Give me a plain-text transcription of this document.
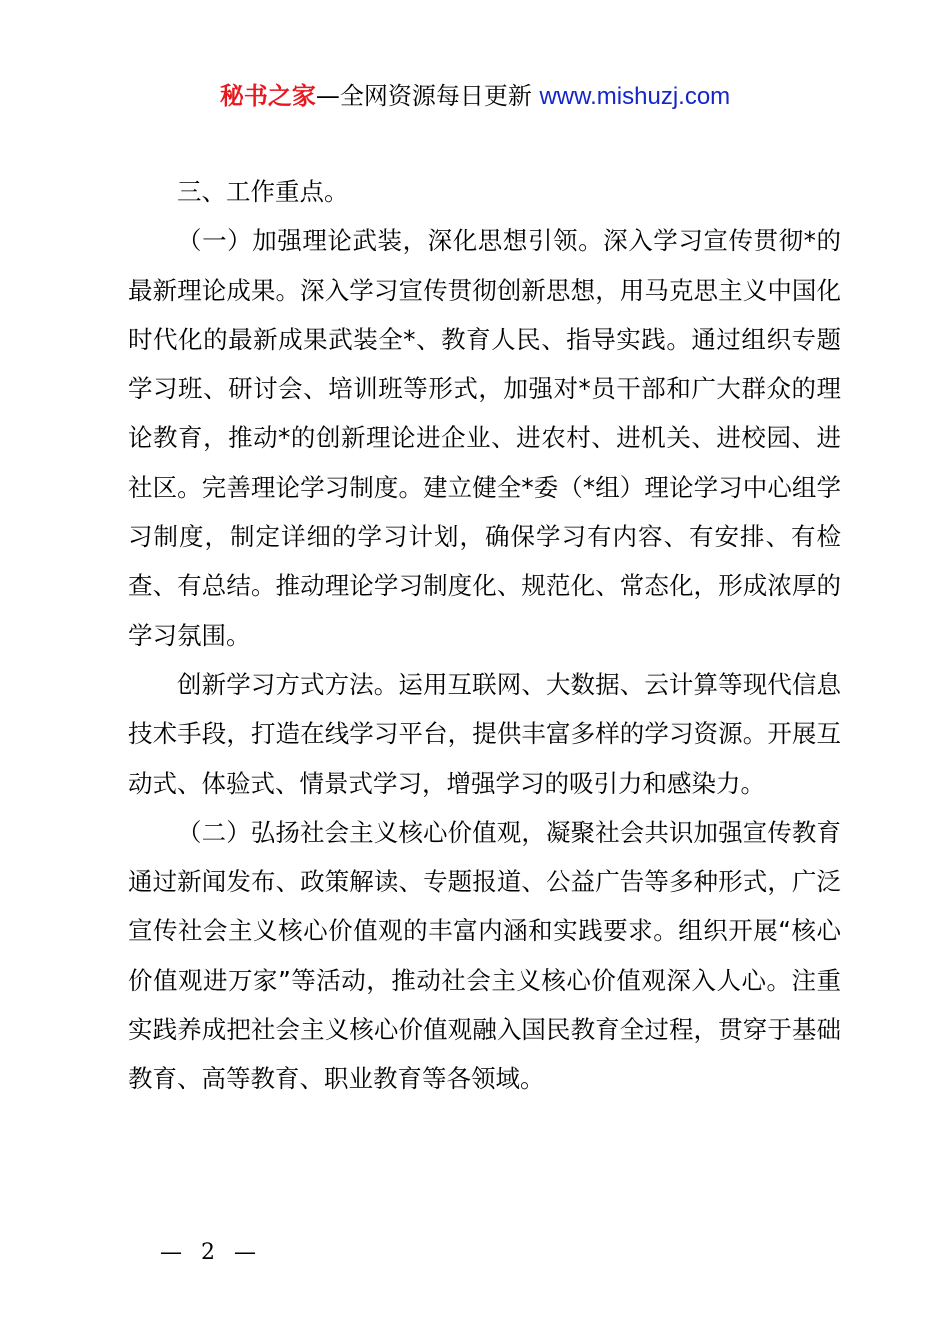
秘书之家—全网资源每日更新 www.mishuzj.com

三、工作重点。

（一）加强理论武装，深化思想引领。深入学习宣传贯彻*的最新理论成果。深入学习宣传贯彻创新思想，用马克思主义中国化时代化的最新成果武装全*、教育人民、指导实践。通过组织专题学习班、研讨会、培训班等形式，加强对*员干部和广大群众的理论教育，推动*的创新理论进企业、进农村、进机关、进校园、进社区。完善理论学习制度。建立健全*委（*组）理论学习中心组学习制度，制定详细的学习计划，确保学习有内容、有安排、有检查、有总结。推动理论学习制度化、规范化、常态化，形成浓厚的学习氛围。

创新学习方式方法。运用互联网、大数据、云计算等现代信息技术手段，打造在线学习平台，提供丰富多样的学习资源。开展互动式、体验式、情景式学习，增强学习的吸引力和感染力。

（二）弘扬社会主义核心价值观，凝聚社会共识加强宣传教育通过新闻发布、政策解读、专题报道、公益广告等多种形式，广泛宣传社会主义核心价值观的丰富内涵和实践要求。组织开展“核心价值观进万家”等活动，推动社会主义核心价值观深入人心。注重实践养成把社会主义核心价值观融入国民教育全过程，贯穿于基础教育、高等教育、职业教育等各领域。

— 2 —
